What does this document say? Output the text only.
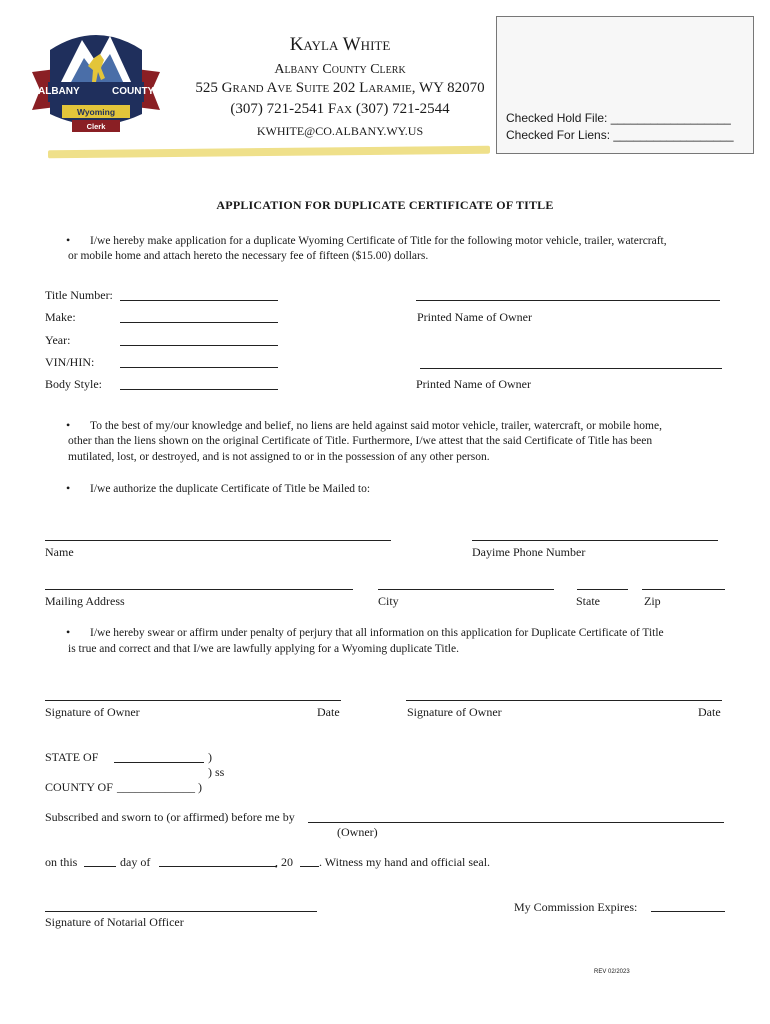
ALBANY	COUNTY
Wyoming
Clerk
Kayla White
Albany County Clerk
525 Grand Ave Suite 202 Laramie, WY 82070
(307) 721-2541 Fax (307) 721-2544
KWHITE@CO.ALBANY.WY.US
Checked Hold File: __________________
Checked For Liens: __________________
APPLICATION FOR DUPLICATE CERTIFICATE OF TITLE
• I/we hereby make application for a duplicate Wyoming Certificate of Title for the following motor vehicle, trailer, watercraft,
or mobile home and attach hereto the necessary fee of fifteen ($15.00) dollars.
Title Number:
Make:
Year:
VIN/HIN:
Body Style:
Printed Name of Owner
Printed Name of Owner
• To the best of my/our knowledge and belief, no liens are held against said motor vehicle, trailer, watercraft, or mobile home,
other than the liens shown on the original Certificate of Title. Furthermore, I/we attest that the said Certificate of Title has been
mutilated, lost, or destroyed, and is not assigned to or in the possession of any other person.
• I/we authorize the duplicate Certificate of Title be Mailed to:
Name	Dayime Phone Number
Mailing Address	City	State	Zip
• I/we hereby swear or affirm under penalty of perjury that all information on this application for Duplicate Certificate of Title
is true and correct and that I/we are lawfully applying for a Wyoming duplicate Title.
Signature of Owner	Date	Signature of Owner	Date
STATE OF	)
) ss
COUNTY OF _____________ )
Subscribed and sworn to (or affirmed) before me by
(Owner)
on this	day of	, 20 . Witness my hand and official seal.
My Commission Expires:
Signature of Notarial Officer
REV 02/2023
